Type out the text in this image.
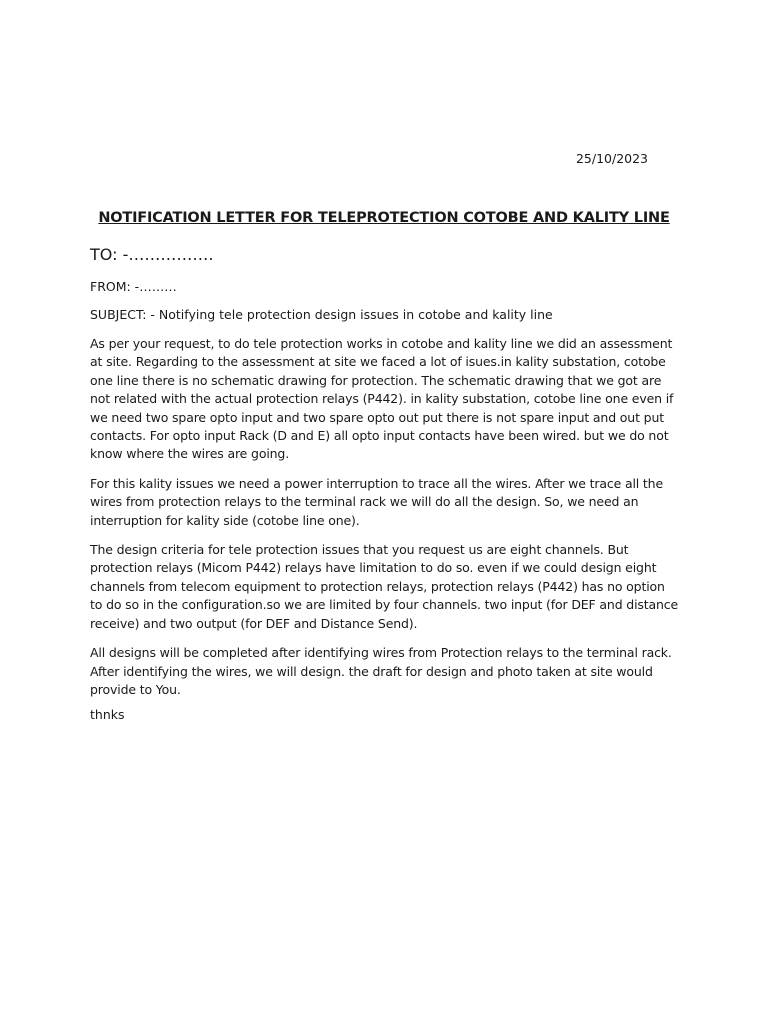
25/10/2023
NOTIFICATION LETTER FOR TELEPROTECTION COTOBE AND KALITY LINE
TO: -…………….
FROM: -………
SUBJECT: - Notifying tele protection design issues in cotobe and kality line

As per your request, to do tele protection works in cotobe and kality line we did an assessment at site. Regarding to the assessment at site we faced a lot of isues.in kality substation, cotobe one line there is no schematic drawing for protection. The schematic drawing that we got are not related with the actual protection relays (P442). in kality substation, cotobe line one even if we need two spare opto input and two spare opto out put there is not spare input and out put contacts. For opto input Rack (D and E) all opto input contacts have been wired. but we do not know where the wires are going.

For this kality issues we need a power interruption to trace all the wires. After we trace all the wires from protection relays to the terminal rack we will do all the design. So, we need an interruption for kality side (cotobe line one).

The design criteria for tele protection issues that you request us are eight channels. But protection relays (Micom P442) relays have limitation to do so. even if we could design eight channels from telecom equipment to protection relays, protection relays (P442) has no option to do so in the configuration.so we are limited by four channels. two input (for DEF and distance receive) and two output (for DEF and Distance Send).

All designs will be completed after identifying wires from Protection relays to the terminal rack. After identifying the wires, we will design. the draft for design and photo taken at site would provide to You.

thnks
